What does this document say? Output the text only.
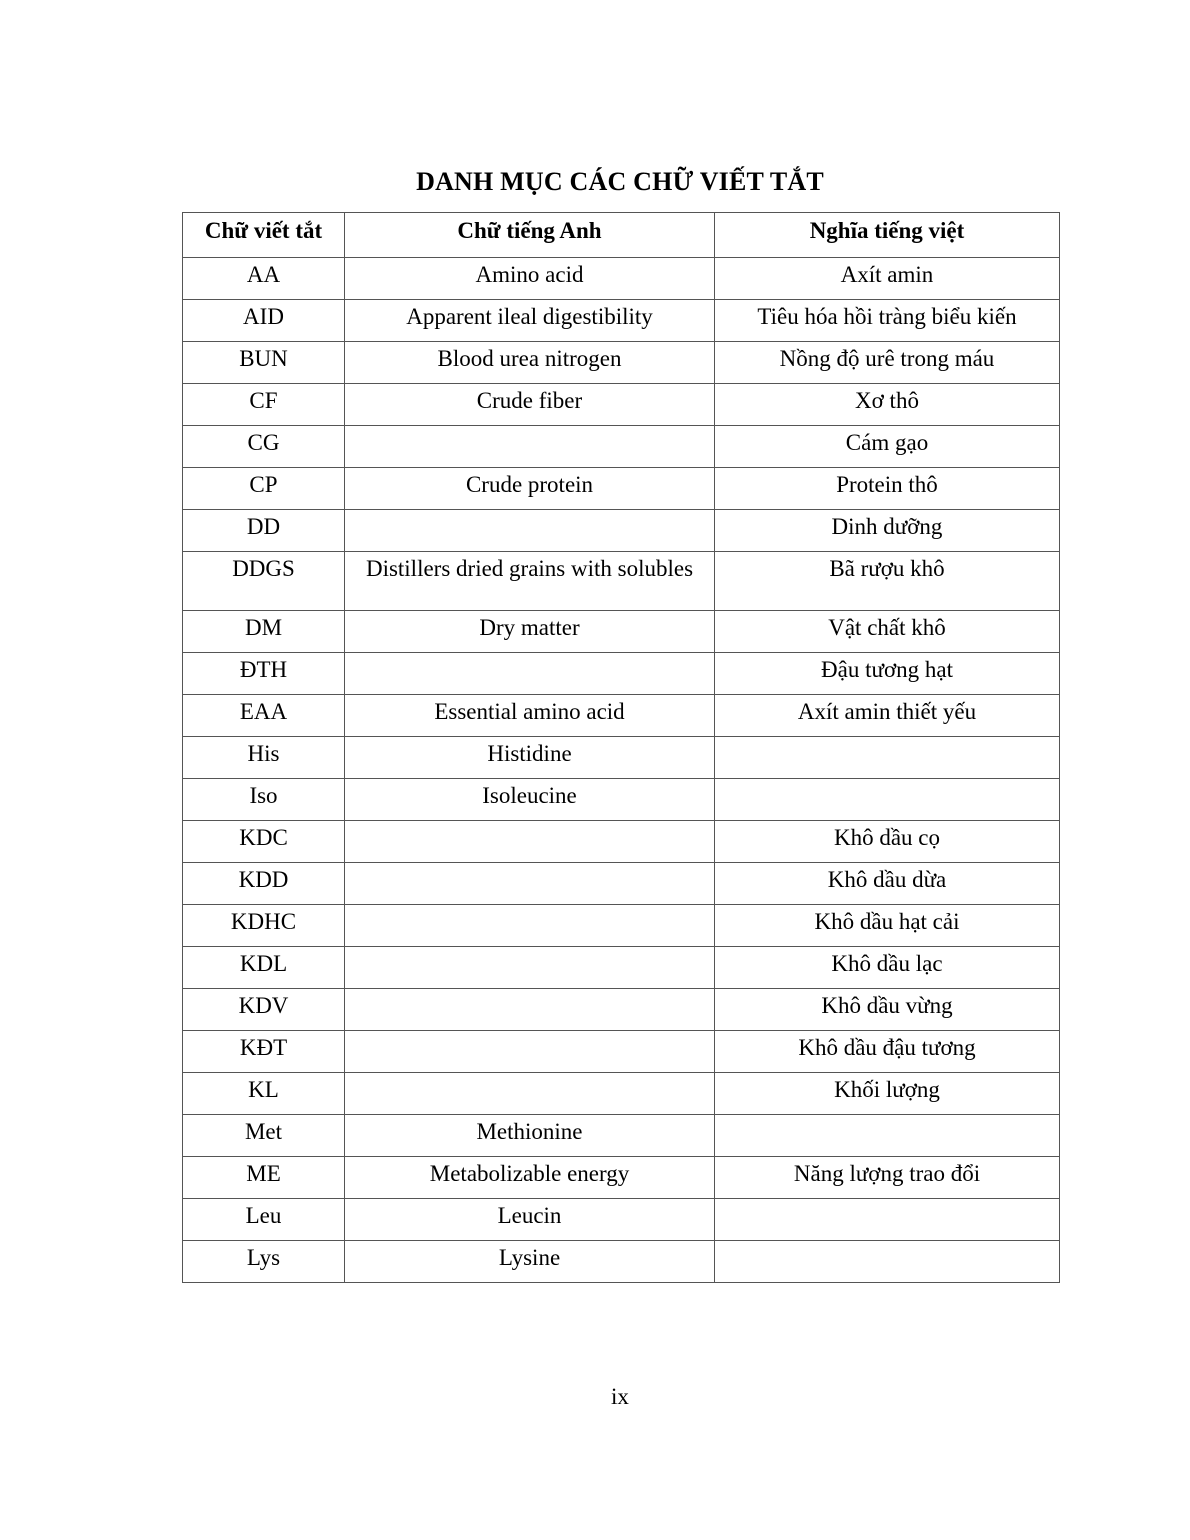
DANH MỤC CÁC CHỮ VIẾT TẮT
Chữ viết tắt	Chữ tiếng Anh	Nghĩa tiếng việt
AA	Amino acid	Axít amin
AID	Apparent ileal digestibility	Tiêu hóa hồi tràng biểu kiến
BUN	Blood urea nitrogen	Nồng độ urê trong máu
CF	Crude fiber	Xơ thô
CG		Cám gạo
CP	Crude protein	Protein thô
DD		Dinh dưỡng
DDGS	Distillers dried grains with solubles	Bã rượu khô
DM	Dry matter	Vật chất khô
ĐTH		Đậu tương hạt
EAA	Essential amino acid	Axít amin thiết yếu
His	Histidine	
Iso	Isoleucine	
KDC		Khô dầu cọ
KDD		Khô dầu dừa
KDHC		Khô dầu hạt cải
KDL		Khô dầu lạc
KDV		Khô dầu vừng
KĐT		Khô dầu đậu tương
KL		Khối lượng
Met	Methionine	
ME	Metabolizable energy	Năng lượng trao đổi
Leu	Leucin	
Lys	Lysine	
ix
